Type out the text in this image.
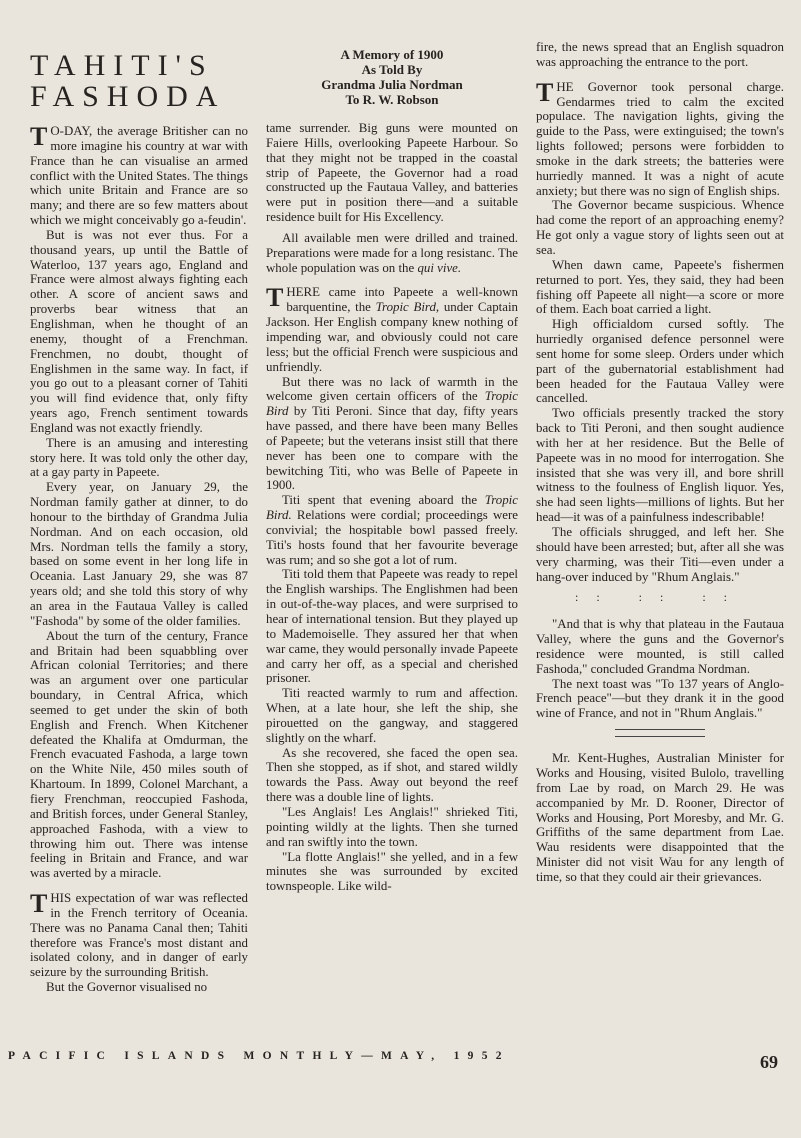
TAHITI'S
FASHODA

T O-DAY, the average Britisher can no more imagine his country at war with France than he can visualise an armed conflict with the United States. The things which unite Britain and France are so many; and there are so few matters about which we might conceivably go a-feudin'.

But is was not ever thus. For a thousand years, up until the Battle of Waterloo, 137 years ago, England and France were almost always fighting each other. A score of ancient saws and proverbs bear witness that an Englishman, when he thought of an enemy, thought of a Frenchman. Frenchmen, no doubt, thought of Englishmen in the same way. In fact, if you go out to a pleasant corner of Tahiti you will find evidence that, only fifty years ago, French sentiment towards England was not exactly friendly.

There is an amusing and interesting story here. It was told only the other day, at a gay party in Papeete.

Every year, on January 29, the Nordman family gather at dinner, to do honour to the birthday of Grandma Julia Nordman. And on each occasion, old Mrs. Nordman tells the family a story, based on some event in her long life in Oceania. Last January 29, she was 87 years old; and she told this story of why an area in the Fautaua Valley is called "Fashoda" by some of the older families.

About the turn of the century, France and Britain had been squabbling over African colonial Territories; and there was an argument over one particular boundary, in Central Africa, which seemed to get under the skin of both English and French. When Kitchener defeated the Khalifa at Omdurman, the French evacuated Fashoda, a large town on the White Nile, 450 miles south of Khartoum. In 1899, Colonel Marchant, a fiery Frenchman, reoccupied Fashoda, and British forces, under General Stanley, approached Fashoda, with a view to throwing him out. There was intense feeling in Britain and France, and war was averted by a miracle.

THIS expectation of war was reflected in the French territory of Oceania. There was no Panama Canal then; Tahiti therefore was France's most distant and isolated colony, and in danger of early seizure by the surrounding British.

But the Governor visualised no

A Memory of 1900
As Told By
Grandma Julia Nordman
To R. W. Robson

tame surrender. Big guns were mounted on Faiere Hills, overlooking Papeete Harbour. So that they might not be trapped in the coastal strip of Papeete, the Governor had a road constructed up the Fautaua Valley, and batteries were put in position there—and a suitable residence built for His Excellency.

All available men were drilled and trained. Preparations were made for a long resistanc. The whole population was on the qui vive.

THERE came into Papeete a well-known barquentine, the Tropic Bird, under Captain Jackson. Her English company knew nothing of impending war, and obviously could not care less; but the official French were suspicious and unfriendly.

But there was no lack of warmth in the welcome given certain officers of the Tropic Bird by Titi Peroni. Since that day, fifty years have passed, and there have been many Belles of Papeete; but the veterans insist still that there never has been one to compare with the bewitching Titi, who was Belle of Papeete in 1900.

Titi spent that evening aboard the Tropic Bird. Relations were cordial; proceedings were convivial; the hospitable bowl passed freely. Titi's hosts found that her favourite beverage was rum; and so she got a lot of rum.

Titi told them that Papeete was ready to repel the English warships. The Englishmen had been in out-of-the-way places, and were surprised to hear of international tension. But they played up to Mademoiselle. They assured her that when war came, they would personally invade Papeete and carry her off, as a special and cherished prisoner.

Titi reacted warmly to rum and affection. When, at a late hour, she left the ship, she pirouetted on the gangway, and staggered slightly on the wharf.

As she recovered, she faced the open sea. Then she stopped, as if shot, and stared wildly towards the Pass. Away out beyond the reef there was a double line of lights.

"Les Anglais! Les Anglais!" shrieked Titi, pointing wildly at the lights. Then she turned and ran swiftly into the town.

"La flotte Anglais!" she yelled, and in a few minutes she was surrounded by excited townspeople. Like wild-

fire, the news spread that an English squadron was approaching the entrance to the port.

THE Governor took personal charge. Gendarmes tried to calm the excited populace. The navigation lights, giving the guide to the Pass, were extinguised; the town's lights followed; persons were forbidden to smoke in the dark streets; the batteries were hurriedly manned. It was a night of acute anxiety; but there was no sign of English ships.

The Governor became suspicious. Whence had come the report of an approaching enemy? He got only a vague story of lights seen out at sea.

When dawn came, Papeete's fishermen returned to port. Yes, they said, they had been fishing off Papeete all night—a score or more of them. Each boat carried a light.

High officialdom cursed softly. The hurriedly organised defence personnel were sent home for some sleep. Orders under which part of the gubernatorial establishment had been headed for the Fautaua Valley were cancelled.

Two officials presently tracked the story back to Titi Peroni, and then sought audience with her at her residence. But the Belle of Papeete was in no mood for interrogation. She insisted that she was very ill, and bore shrill witness to the foulness of English liquor. Yes, she had seen lights—millions of lights. But her head—it was of a painfulness indescribable!

The officials shrugged, and left her. She should have been arrested; but, after all she was very charming, was their Titi—even under a hang-over induced by "Rhum Anglais."

:: :: ::

"And that is why that plateau in the Fautaua Valley, where the guns and the Governor's residence were mounted, is still called Fashoda," concluded Grandma Nordman.

The next toast was "To 137 years of Anglo-French peace"—but they drank it in the good wine of France, and not in "Rhum Anglais."

Mr. Kent-Hughes, Australian Minister for Works and Housing, visited Bulolo, travelling from Lae by road, on March 29. He was accompanied by Mr. D. Rooner, Director of Works and Housing, Port Moresby, and Mr. G. Griffiths of the same department from Lae. Wau residents were disappointed that the Minister did not visit Wau for any length of time, so that they could air their grievances.

PACIFIC ISLANDS MONTHLY—MAY, 1952	69
